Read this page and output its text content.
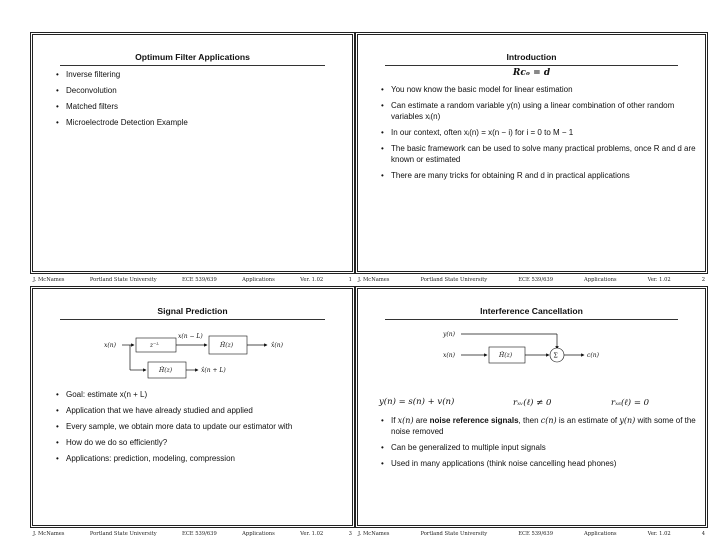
Optimum Filter Applications
• Inverse filtering
• Deconvolution
• Matched filters
• Microelectrode Detection Example
J. McNames	Portland State University	ECE 539/639	Applications	Ver. 1.02	1
Introduction
Rcₒ = d
• You now know the basic model for linear estimation
• Can estimate a random variable y(n) using a linear combination of other random variables xᵢ(n)
• In our context, often xᵢ(n) = x(n − i) for i = 0 to M − 1
• The basic framework can be used to solve many practical problems, once R and d are known or estimated
• There are many tricks for obtaining R and d in practical applications
J. McNames	Portland State University	ECE 539/639	Applications	Ver. 1.02	2
Signal Prediction
x(n)	z⁻ᴸ
x(n − L)
Ĥ(z)	x̂(n)
Ĥ(z)	x̂(n + L)
• Goal: estimate x(n + L)
• Application that we have already studied and applied
• Every sample, we obtain more data to update our estimator with
• How do we do so efficiently?
• Applications: prediction, modeling, compression
J. McNames	Portland State University	ECE 539/639	Applications	Ver. 1.02	3
Interference Cancellation
y(n)
x(n)	Ĥ(z)	Σ	c(n)
y(n) = s(n) + v(n)	rₓᵥ(ℓ) ≠ 0	rₓₛ(ℓ) = 0
• If x(n) are noise reference signals, then c(n) is an estimate of y(n) with some of the noise removed
• Can be generalized to multiple input signals
• Used in many applications (think noise cancelling head phones)
J. McNames	Portland State University	ECE 539/639	Applications	Ver. 1.02	4
